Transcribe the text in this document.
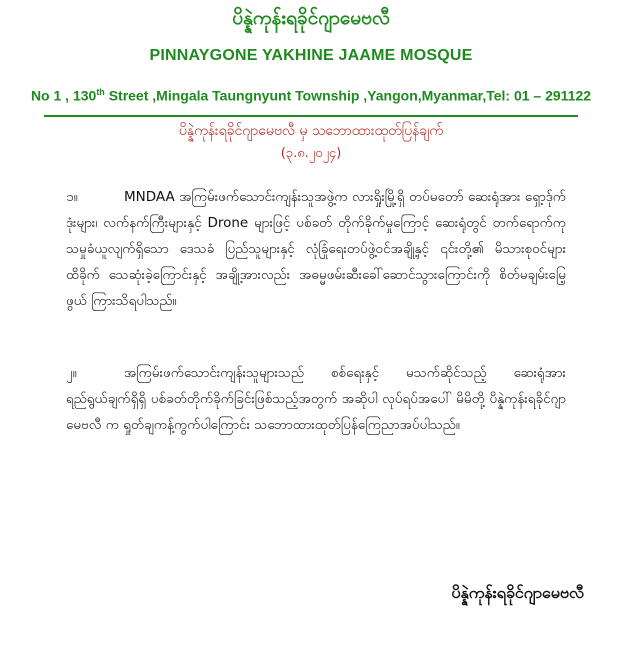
ပိန္နဲကုန်းရခိုင်ဂျာမေဗလီ
PINNAYGONE YAKHINE JAAME MOSQUE
No 1 , 130th Street ,Mingala Taungnyunt Township ,Yangon,Myanmar,Tel: 01 – 291122
ပိန္နဲကုန်းရခိုင်ဂျာမေဗလီ မှ သဘောထားထုတ်ပြန်ချက်
(၃.၈.၂၀၂၄)
၁။	MNDAA အကြမ်းဖက်သောင်းကျန်းသူအဖွဲ့က လားရှိုးမြို့ရှိ တပ်မတော် ဆေးရုံအား ရှော့ဒ်ုက်ဒုံးများ၊ လက်နက်ကြီးများနှင့် Drone များဖြင့် ပစ်ခတ် တိုက်ခိုက်မှုကြောင့် ဆေးရုံတွင် တက်ရောက်ကုသမှုခံယူလျက်ရှိသော ဒေသခံ ပြည်သူများနှင့် လုံခြုံရေးတပ်ဖွဲ့ဝင်အချို့နှင့် ၎င်းတို့၏ မိသားစုဝင်များ ထိခိုက် သေဆုံးခဲ့ကြောင်းနှင့် အချို့အားလည်း အဓမ္မဖမ်းဆီးခေါ်ဆောင်သွားကြောင်းကို စိတ်မချမ်းမြေ့ဖွယ် ကြားသိရပါသည်။
၂။	အကြမ်းဖက်သောင်းကျန်းသူများသည် စစ်ရေးနှင့် မသက်ဆိုင်သည့် ဆေးရုံအား ရည်ရွယ်ချက်ရှိရှိ ပစ်ခတ်တိုက်ခိုက်ခြင်းဖြစ်သည့်အတွက် အဆိုပါ လုပ်ရပ်အပေါ် မိမိတို့ ပိန္နဲကုန်းရခိုင်ဂျာမေဗလီ က ရှုတ်ချကန့်ကွက်ပါကြောင်း သဘောထားထုတ်ပြန်ကြေညာအပ်ပါသည်။
ပိန္နဲကုန်းရခိုင်ဂျာမေဗလီ
